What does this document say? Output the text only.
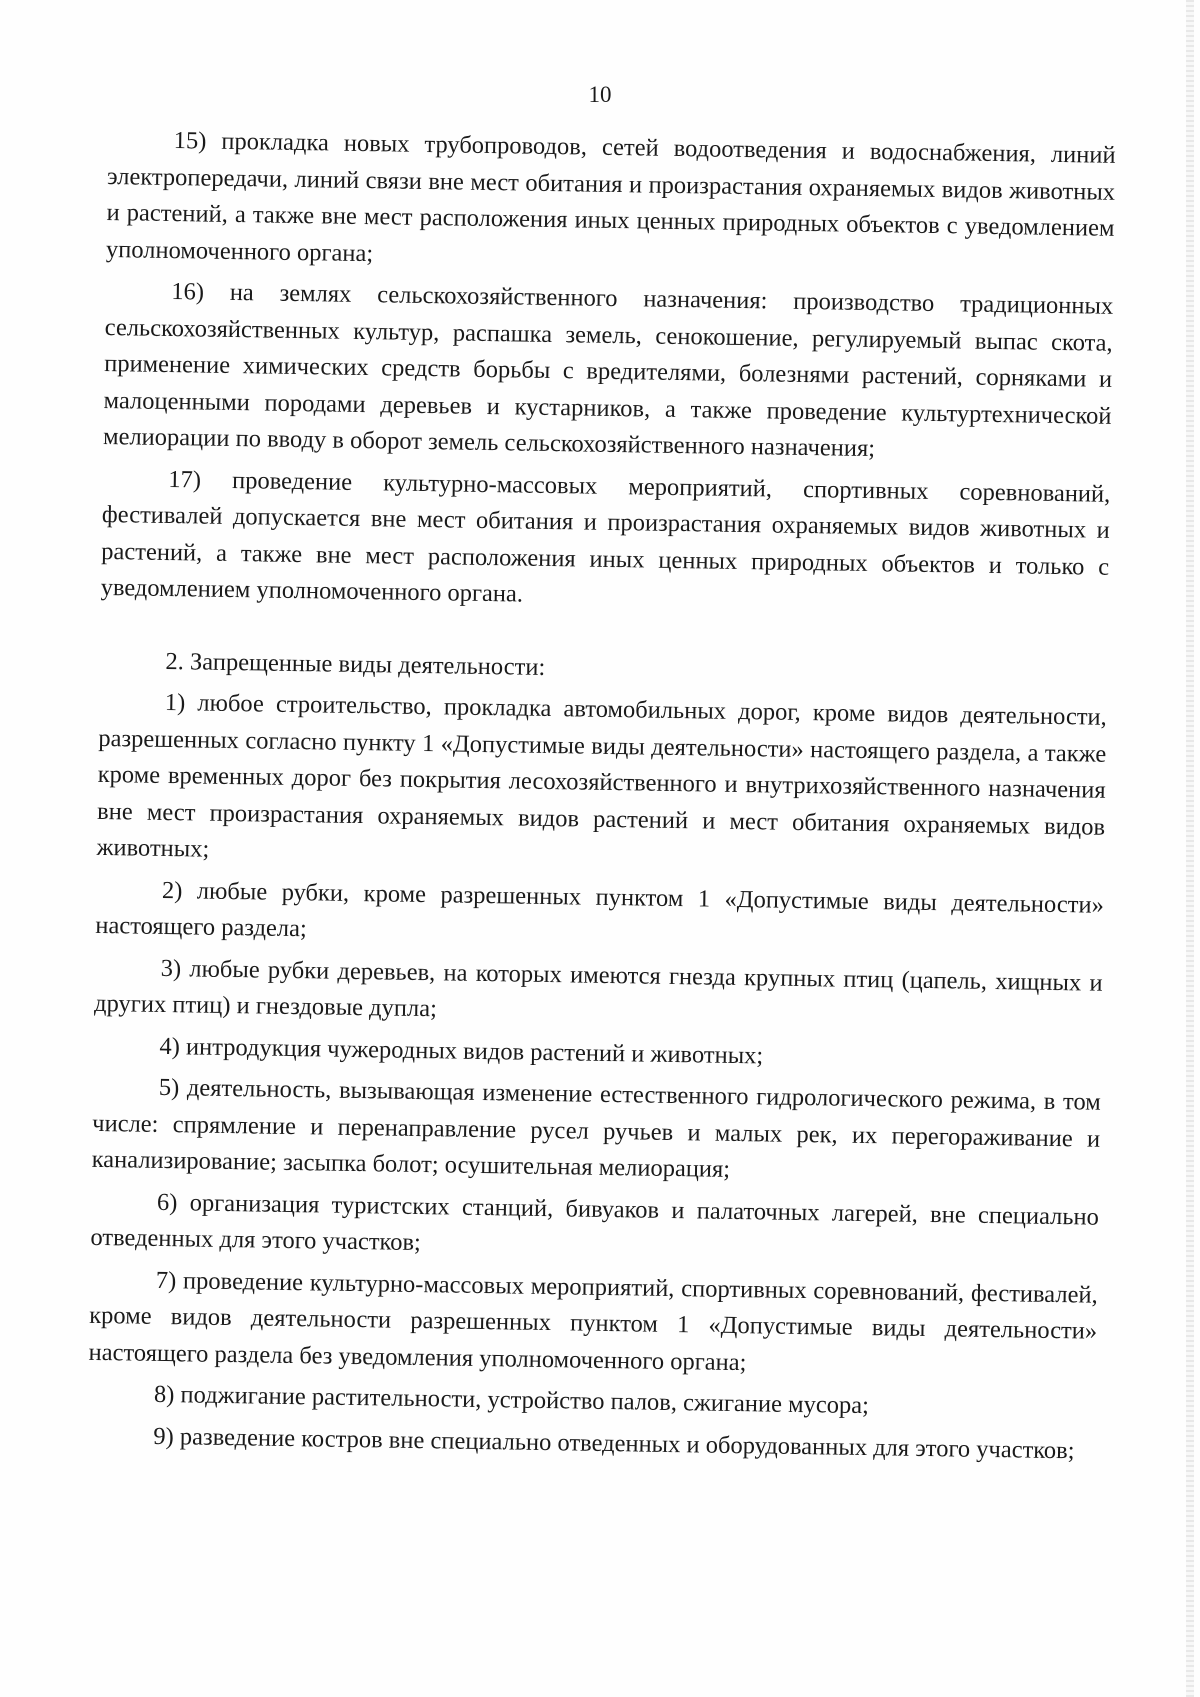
10

15) прокладка новых трубопроводов, сетей водоотведения и водоснабжения, линий электропередачи, линий связи вне мест обитания и произрастания охраняемых видов животных и растений, а также вне мест расположения иных ценных природных объектов с уведомлением уполномоченного органа;

16) на землях сельскохозяйственного назначения: производство традиционных сельскохозяйственных культур, распашка земель, сенокошение, регулируемый выпас скота, применение химических средств борьбы с вредителями, болезнями растений, сорняками и малоценными породами деревьев и кустарников, а также проведение культуртехнической мелиорации по вводу в оборот земель сельскохозяйственного назначения;

17) проведение культурно-массовых мероприятий, спортивных соревнований, фестивалей допускается вне мест обитания и произрастания охраняемых видов животных и растений, а также вне мест расположения иных ценных природных объектов и только с уведомлением уполномоченного органа.

2. Запрещенные виды деятельности:

1) любое строительство, прокладка автомобильных дорог, кроме видов деятельности, разрешенных согласно пункту 1 «Допустимые виды деятельности» настоящего раздела, а также кроме временных дорог без покрытия лесохозяйственного и внутрихозяйственного назначения вне мест произрастания охраняемых видов растений и мест обитания охраняемых видов животных;

2) любые рубки, кроме разрешенных пунктом 1 «Допустимые виды деятельности» настоящего раздела;

3) любые рубки деревьев, на которых имеются гнезда крупных птиц (цапель, хищных и других птиц) и гнездовые дупла;

4) интродукция чужеродных видов растений и животных;

5) деятельность, вызывающая изменение естественного гидрологического режима, в том числе: спрямление и перенаправление русел ручьев и малых рек, их перегораживание и канализирование; засыпка болот; осушительная мелиорация;

6) организация туристских станций, бивуаков и палаточных лагерей, вне специально отведенных для этого участков;

7) проведение культурно-массовых мероприятий, спортивных соревнований, фестивалей, кроме видов деятельности разрешенных пунктом 1 «Допустимые виды деятельности» настоящего раздела без уведомления уполномоченного органа;

8) поджигание растительности, устройство палов, сжигание мусора;

9) разведение костров вне специально отведенных и оборудованных для этого участков;
